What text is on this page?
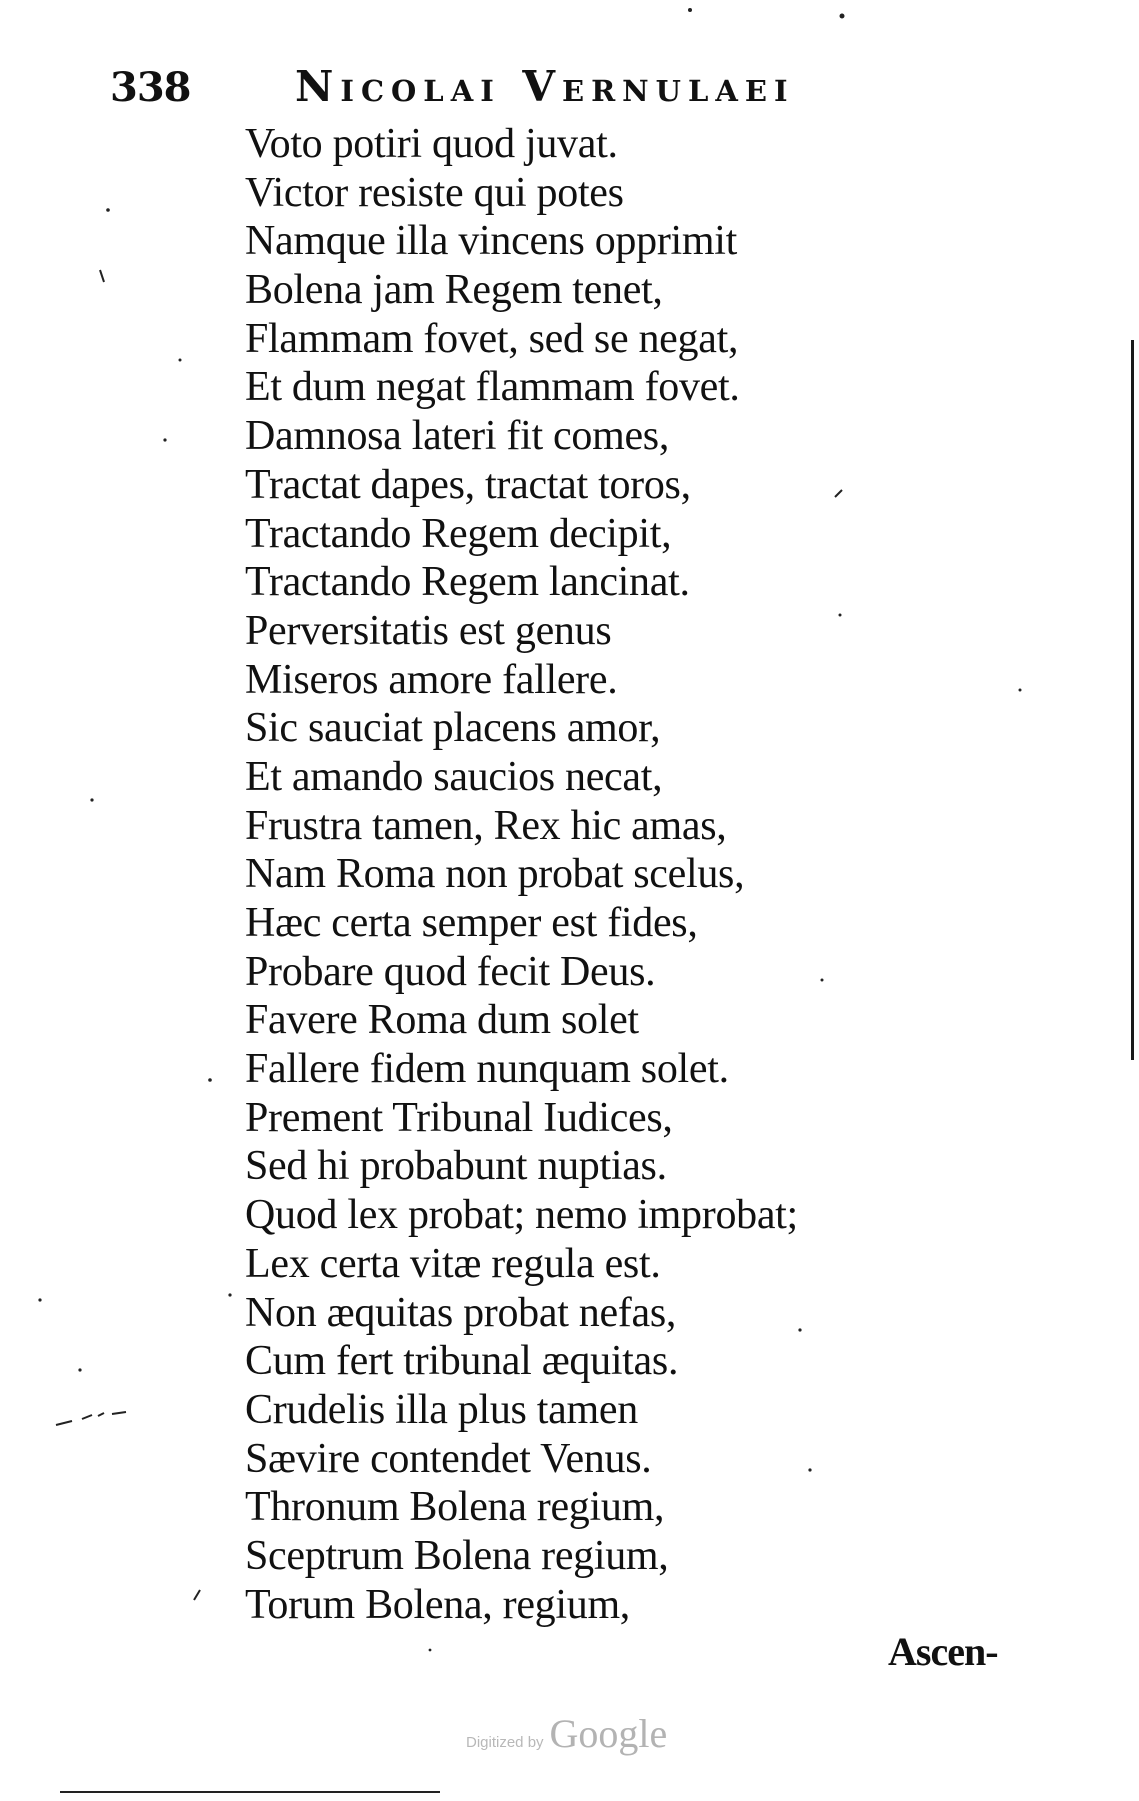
338 Nicolai Vernulaei
Voto potiri quod juvat.
Victor resiste qui potes
Namque illa vincens opprimit
Bolena jam Regem tenet,
Flammam fovet, sed se negat,
Et dum negat flammam fovet.
Damnosa lateri fit comes,
Tractat dapes, tractat toros,
Tractando Regem decipit,
Tractando Regem lancinat.
Perversitatis est genus
Miseros amore fallere.
Sic sauciat placens amor,
Et amando saucios necat,
Frustra tamen, Rex hic amas,
Nam Roma non probat scelus,
Hæc certa semper est fides,
Probare quod fecit Deus.
Favere Roma dum solet
Fallere fidem nunquam solet.
Prement Tribunal Iudices,
Sed hi probabunt nuptias.
Quod lex probat; nemo improbat;
Lex certa vitæ regula est.
Non æquitas probat nefas,
Cum fert tribunal æquitas.
Crudelis illa plus tamen
Sævire contendet Venus.
Thronum Bolena regium,
Sceptrum Bolena regium,
Torum Bolena, regium,
Ascen-
Digitized by Google
